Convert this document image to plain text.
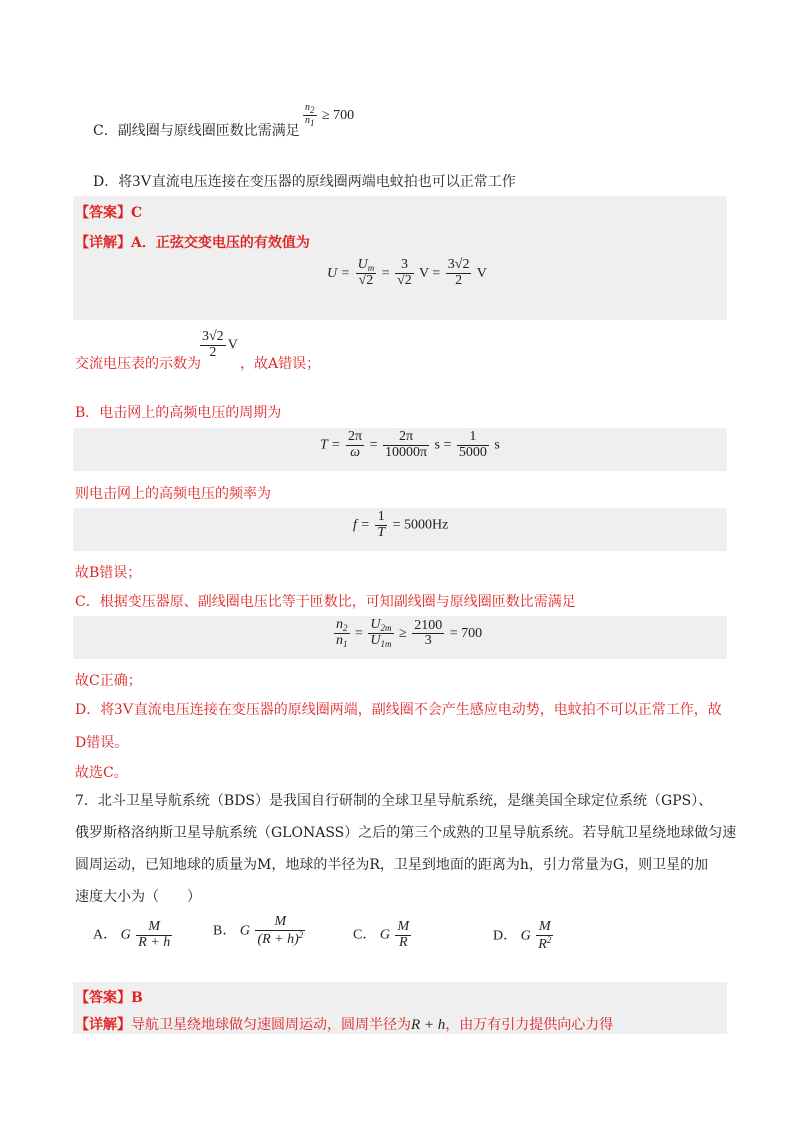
C．副线圈与原线圈匝数比需满足
$\frac{n2}{n1} \ge 700$
D．将3V直流电压连接在变压器的原线圈两端电蚊拍也可以正常工作
【答案】C
【详解】A．正弦交变电压的有效值为
$U = \frac{U_m}{√2} = \frac{3}{√2}$ $V = \frac{3√2}{2}$ V
交流电压表的示数为
$\frac{3√2}{2}$ V
，故A错误；
B．电击网上的高频电压的周期为
$T = \frac{2\pi}{\omega} = \frac{2\pi}{10000\pi}$ $s = \frac{1}{5000}$ s
则电击网上的高频电压的频率为
$f = \frac{1}{T} = 5000Hz$
故B错误；
C．根据变压器原、副线圈电压比等于匝数比，可知副线圈与原线圈匝数比需满足
$\frac{n_2}{n_1} = \frac{U_{2m}}{U_{1m}} \ge \frac{2100}{3} = 700$
故C正确；
D．将3V直流电压连接在变压器的原线圈两端，副线圈不会产生感应电动势，电蚊拍不可以正常工作，故
D错误。
故选C。
7．北斗卫星导航系统（BDS）是我国自行研制的全球卫星导航系统，是继美国全球定位系统（GPS）、
俄罗斯格洛纳斯卫星导航系统（GLONASS）之后的第三个成熟的卫星导航系统。若导航卫星绕地球做匀速
圆周运动，已知地球的质量为M，地球的半径为R，卫星到地面的距离为h，引力常量为G，则卫星的加
速度大小为（　　）
A． G $\frac{M}{R + h}$	B． G $\frac{M}{(R + h)^2}$	C． G $\frac{M}{R}$	D． G $\frac{M}{R^2}$
【答案】B
【详解】导航卫星绕地球做匀速圆周运动，圆周半径为R + h，由万有引力提供向心力得
